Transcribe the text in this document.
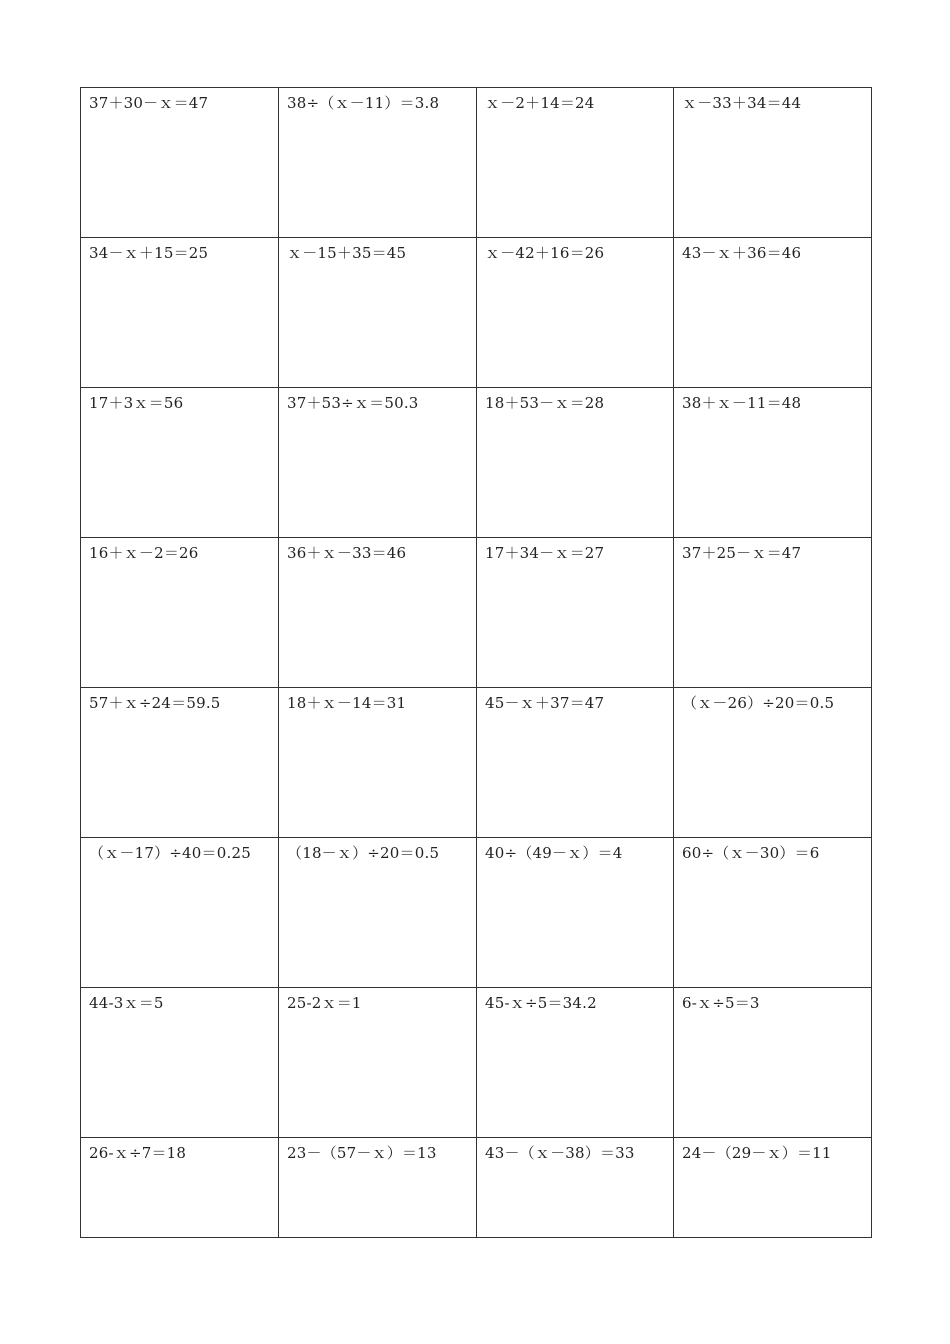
37＋30－ｘ＝47	38÷（ｘ－11）＝3.8	ｘ－2＋14＝24	ｘ－33＋34＝44

34－ｘ＋15＝25	ｘ－15＋35＝45	ｘ－42＋16＝26	43－ｘ＋36＝46

17＋3ｘ＝56	37＋53÷ｘ＝50.3	18＋53－ｘ＝28	38＋ｘ－11＝48

16＋ｘ－2＝26	36＋ｘ－33＝46	17＋34－ｘ＝27	37＋25－ｘ＝47

57＋ｘ÷24＝59.5	18＋ｘ－14＝31	45－ｘ＋37＝47	（ｘ－26）÷20＝0.5

（ｘ－17）÷40＝0.25	（18－ｘ）÷20＝0.5	40÷（49－ｘ）＝4	60÷（ｘ－30）＝6

44-3ｘ＝5	25-2ｘ＝1	45-ｘ÷5＝34.2	6-ｘ÷5＝3

26-ｘ÷7＝18	23－（57－ｘ）＝13	43－（ｘ－38）＝33	24－（29－ｘ）＝11
